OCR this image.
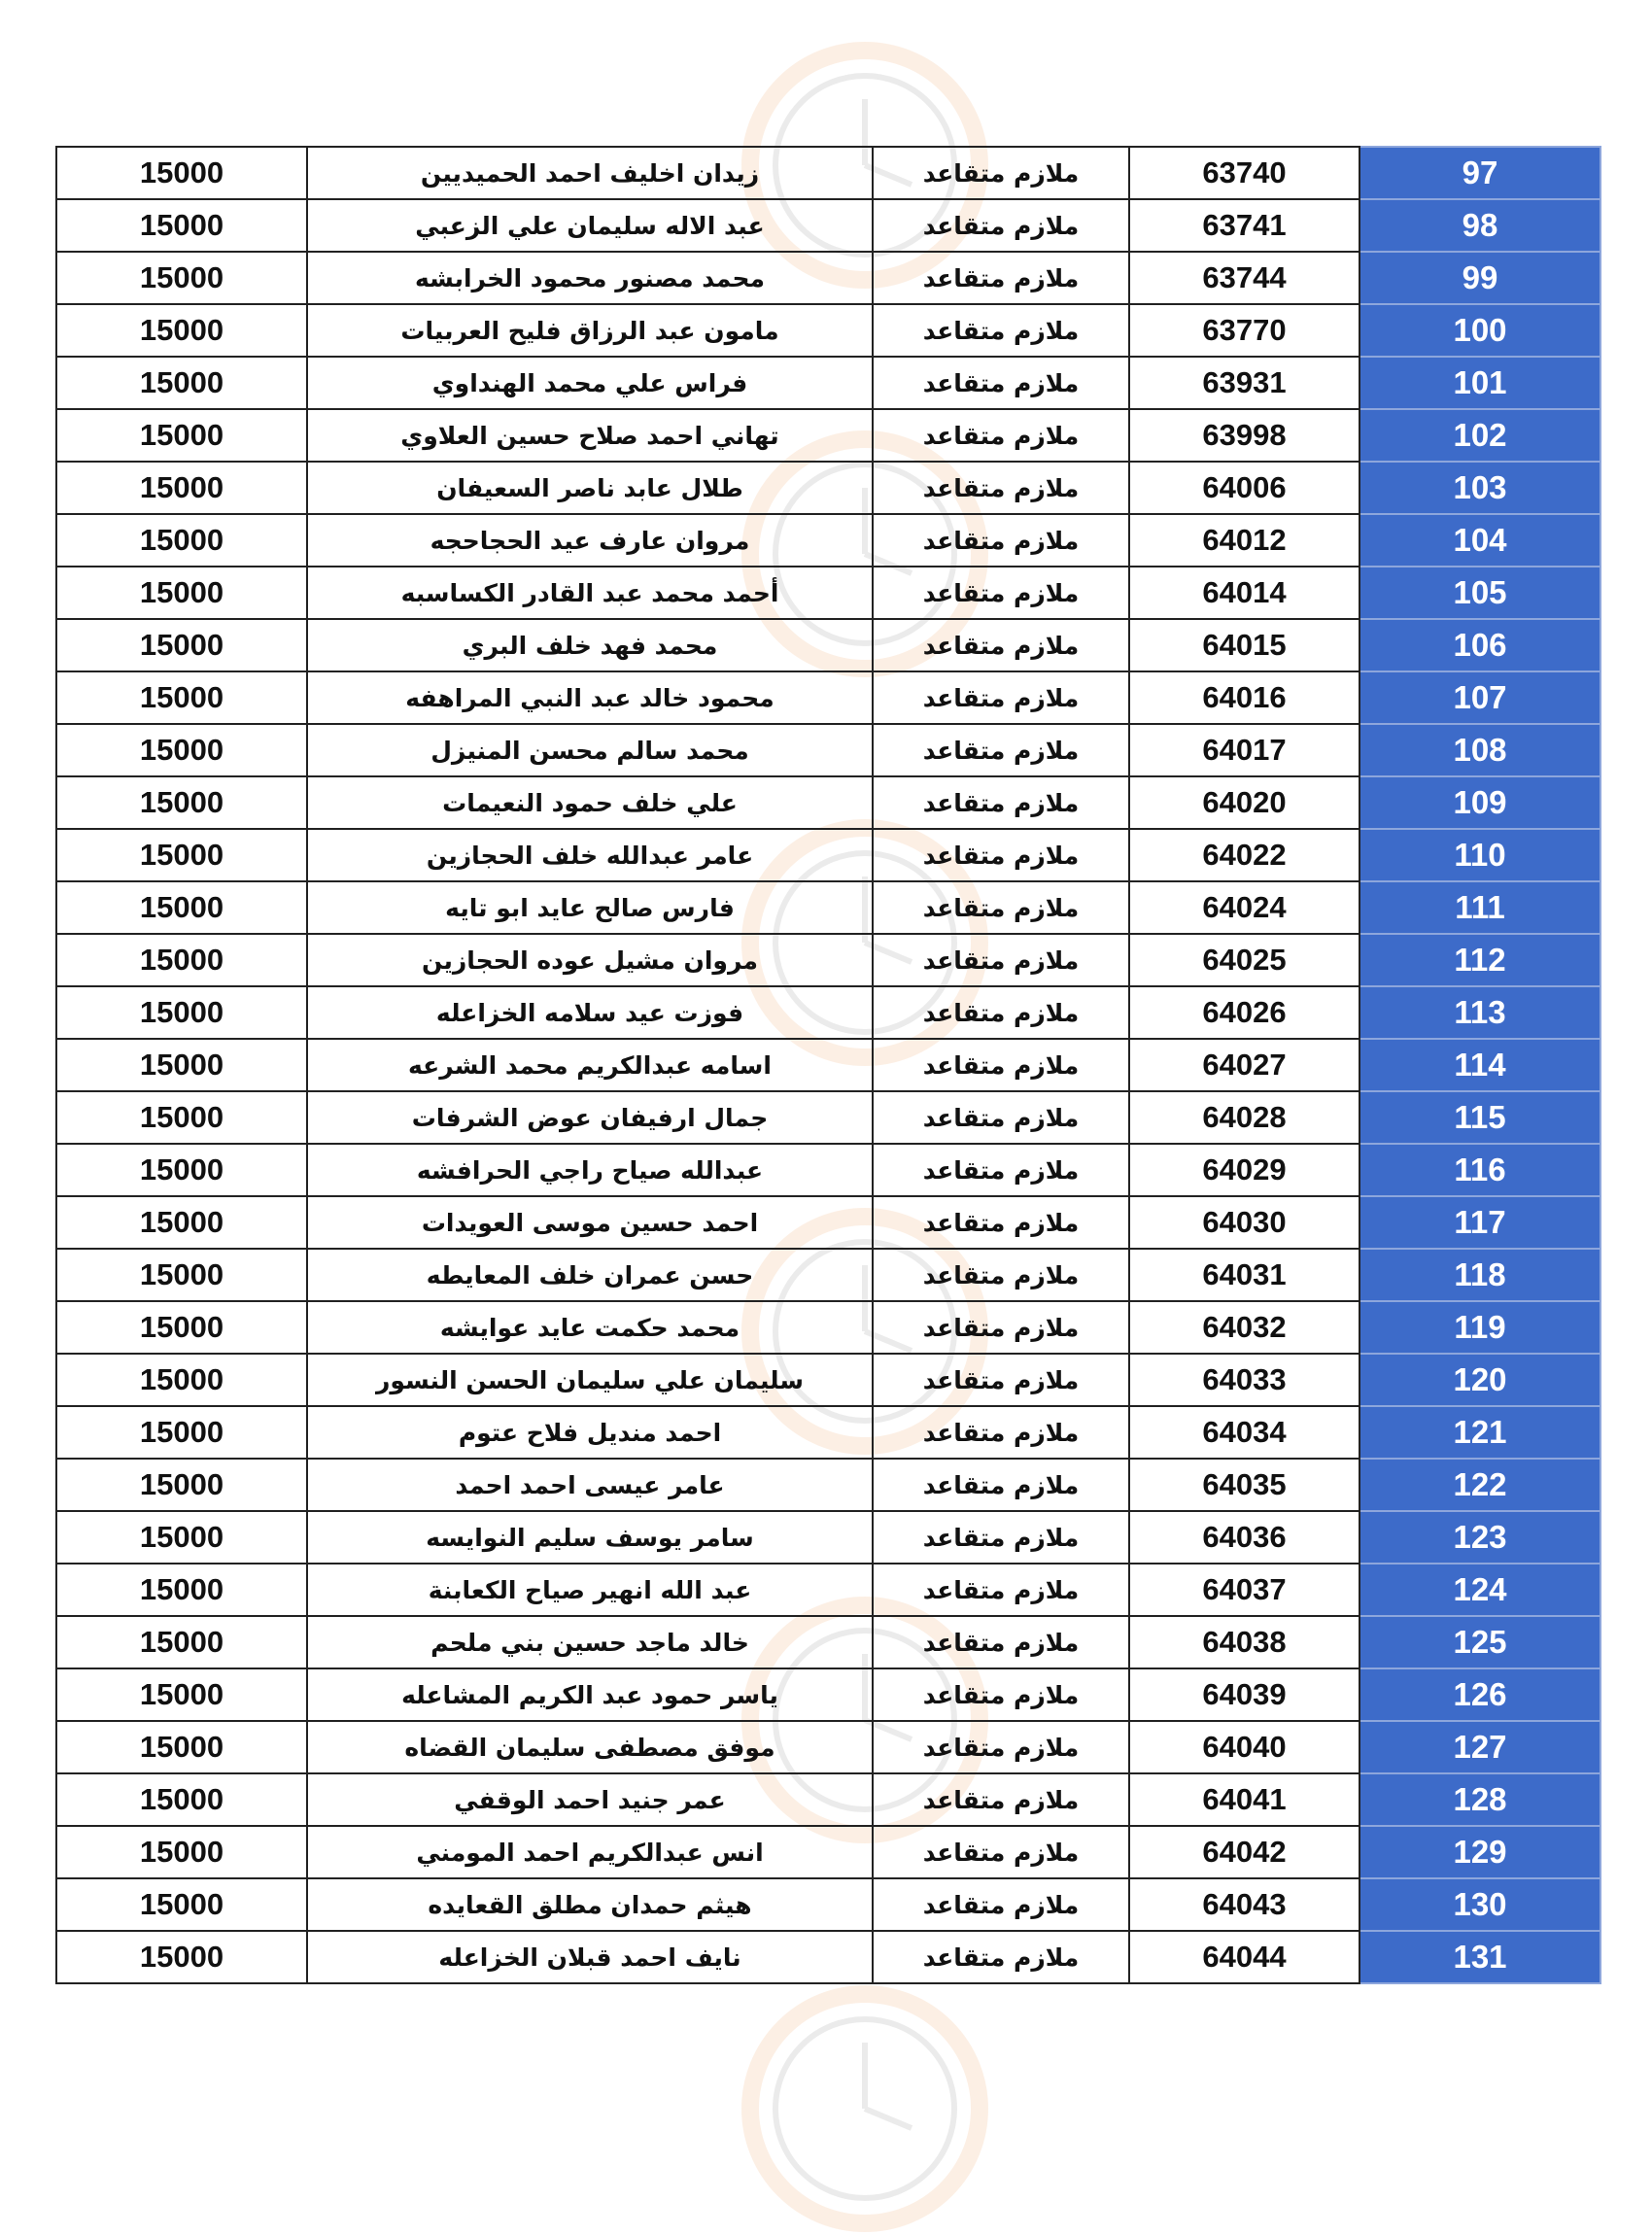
15000	زيدان اخليف احمد الحميديين	ملازم متقاعد	63740	97
15000	عبد الاله سليمان علي الزعبي	ملازم متقاعد	63741	98
15000	محمد مصنور محمود الخرابشه	ملازم متقاعد	63744	99
15000	مامون عبد الرزاق فليح العربيات	ملازم متقاعد	63770	100
15000	فراس علي محمد الهنداوي	ملازم متقاعد	63931	101
15000	تهاني احمد صلاح حسين العلاوي	ملازم متقاعد	63998	102
15000	طلال عابد ناصر السعيفان	ملازم متقاعد	64006	103
15000	مروان عارف عيد الحجاحجه	ملازم متقاعد	64012	104
15000	أحمد محمد عبد القادر الكساسبه	ملازم متقاعد	64014	105
15000	محمد فهد خلف البري	ملازم متقاعد	64015	106
15000	محمود خالد عبد النبي المراهفه	ملازم متقاعد	64016	107
15000	محمد سالم محسن المنيزل	ملازم متقاعد	64017	108
15000	علي خلف حمود النعيمات	ملازم متقاعد	64020	109
15000	عامر عبدالله خلف الحجازين	ملازم متقاعد	64022	110
15000	فارس صالح عايد ابو تايه	ملازم متقاعد	64024	111
15000	مروان مشيل عوده الحجازين	ملازم متقاعد	64025	112
15000	فوزت عيد سلامه الخزاعله	ملازم متقاعد	64026	113
15000	اسامه عبدالكريم محمد الشرعه	ملازم متقاعد	64027	114
15000	جمال ارفيفان عوض الشرفات	ملازم متقاعد	64028	115
15000	عبدالله صياح راجي الحرافشه	ملازم متقاعد	64029	116
15000	احمد حسين موسى العويدات	ملازم متقاعد	64030	117
15000	حسن عمران خلف المعايطه	ملازم متقاعد	64031	118
15000	محمد حكمت عايد عوايشه	ملازم متقاعد	64032	119
15000	سليمان علي سليمان الحسن النسور	ملازم متقاعد	64033	120
15000	احمد منديل فلاح عتوم	ملازم متقاعد	64034	121
15000	عامر عيسى احمد احمد	ملازم متقاعد	64035	122
15000	سامر يوسف سليم النوايسه	ملازم متقاعد	64036	123
15000	عبد الله انهير صياح الكعابنة	ملازم متقاعد	64037	124
15000	خالد ماجد حسين بني ملحم	ملازم متقاعد	64038	125
15000	ياسر حمود عبد الكريم المشاعله	ملازم متقاعد	64039	126
15000	موفق مصطفى سليمان القضاه	ملازم متقاعد	64040	127
15000	عمر جنيد احمد الوقفي	ملازم متقاعد	64041	128
15000	انس عبدالكريم احمد المومني	ملازم متقاعد	64042	129
15000	هيثم حمدان مطلق القعايده	ملازم متقاعد	64043	130
15000	نايف احمد قبلان الخزاعله	ملازم متقاعد	64044	131
